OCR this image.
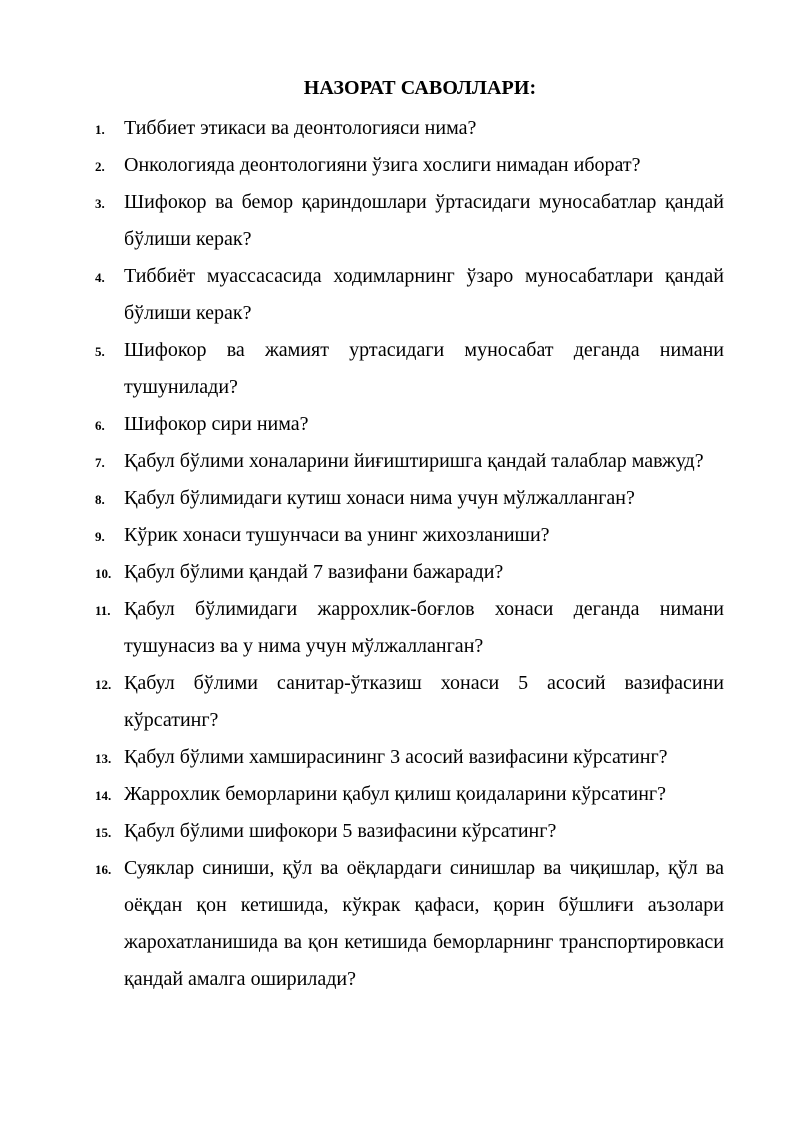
НАЗОРАТ САВОЛЛАРИ:
1. Тиббиет этикаси ва деонтологияси нима?
2. Онкологияда деонтологияни ўзига хослиги нимадан иборат?
3. Шифокор ва бемор қариндошлари ўртасидаги муносабатлар қандай бўлиши керак?
4. Тиббиёт муассасасида ходимларнинг ўзаро муносабатлари қандай бўлиши керак?
5. Шифокор ва жамият уртасидаги муносабат деганда нимани тушунилади?
6. Шифокор сири нима?
7. Қабул бўлими хоналарини йиғиштиришга қандай талаблар мавжуд?
8. Қабул бўлимидаги кутиш хонаси нима учун мўлжалланган?
9. Кўрик хонаси тушунчаси ва унинг жихозланиши?
10. Қабул бўлими қандай 7 вазифани бажаради?
11. Қабул бўлимидаги жаррохлик-боғлов хонаси деганда нимани тушунасиз ва у нима учун мўлжалланган?
12. Қабул бўлими санитар-ўтказиш хонаси 5 асосий вазифасини кўрсатинг?
13. Қабул бўлими хамширасининг 3 асосий вазифасини кўрсатинг?
14. Жаррохлик беморларини қабул қилиш қоидаларини кўрсатинг?
15. Қабул бўлими шифокори 5 вазифасини кўрсатинг?
16. Суяклар синиши, қўл ва оёқлардаги синишлар ва чиқишлар, қўл ва оёқдан қон кетишида, кўкрак қафаси, қорин бўшлиғи аъзолари жарохатланишида ва қон кетишида беморларнинг транспортировкаси қандай амалга оширилади?
